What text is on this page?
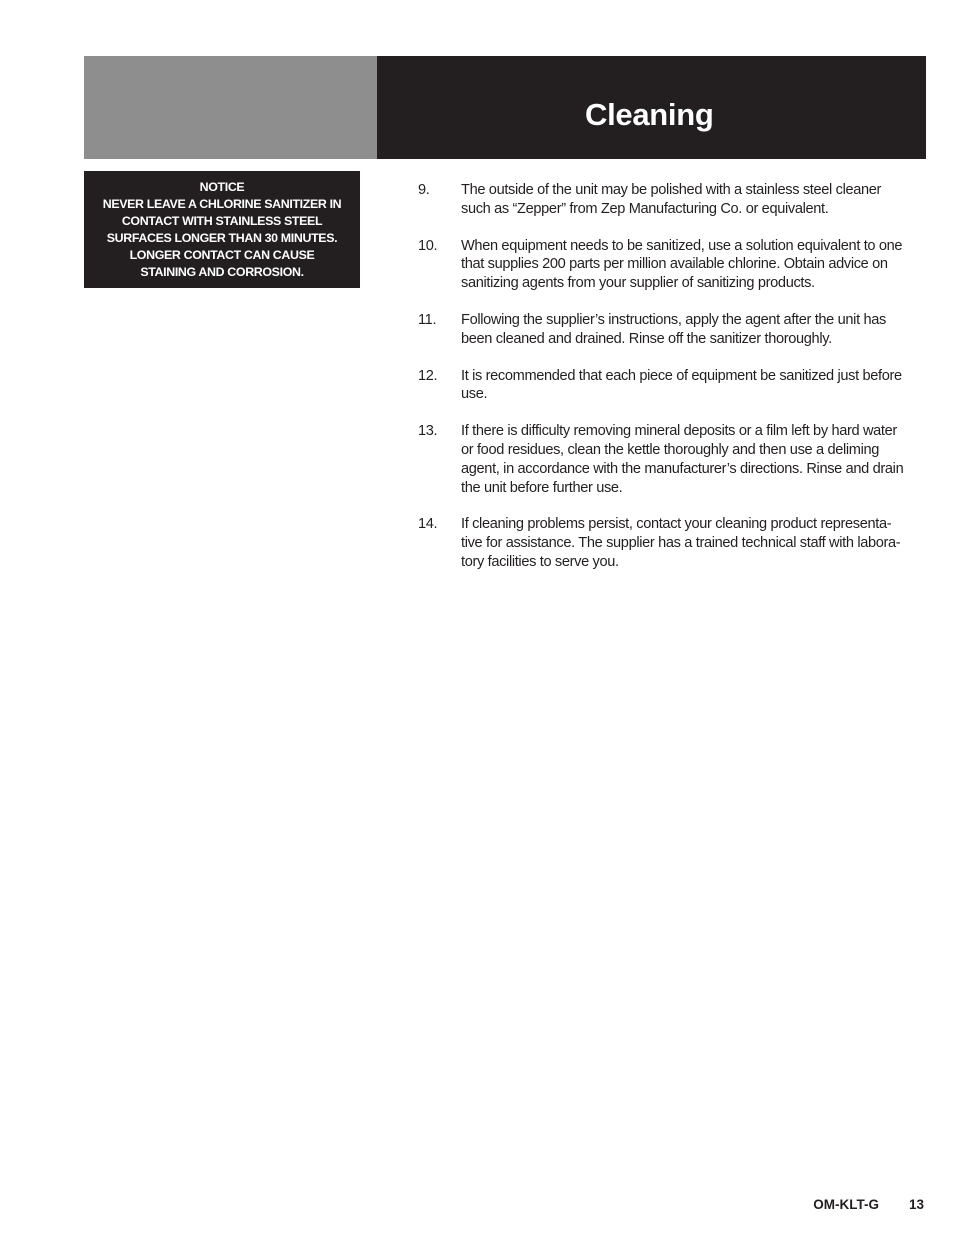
Cleaning
NOTICE
NEVER LEAVE A CHLORINE SANITIZER IN
CONTACT WITH STAINLESS STEEL
SURFACES LONGER THAN 30 MINUTES.
LONGER CONTACT CAN CAUSE
STAINING AND CORROSION.
9. The outside of the unit may be polished with a stainless steel cleaner
such as “Zepper” from Zep Manufacturing Co. or equivalent.
10. When equipment needs to be sanitized, use a solution equivalent to one
that supplies 200 parts per million available chlorine. Obtain advice on
sanitizing agents from your supplier of sanitizing products.
11. Following the supplier’s instructions, apply the agent after the unit has
been cleaned and drained. Rinse off the sanitizer thoroughly.
12. It is recommended that each piece of equipment be sanitized just before
use.
13. If there is difficulty removing mineral deposits or a film left by hard water
or food residues, clean the kettle thoroughly and then use a deliming
agent, in accordance with the manufacturer’s directions. Rinse and drain
the unit before further use.
14. If cleaning problems persist, contact your cleaning product representa-
tive for assistance. The supplier has a trained technical staff with labora-
tory facilities to serve you.
OM-KLT-G 13
